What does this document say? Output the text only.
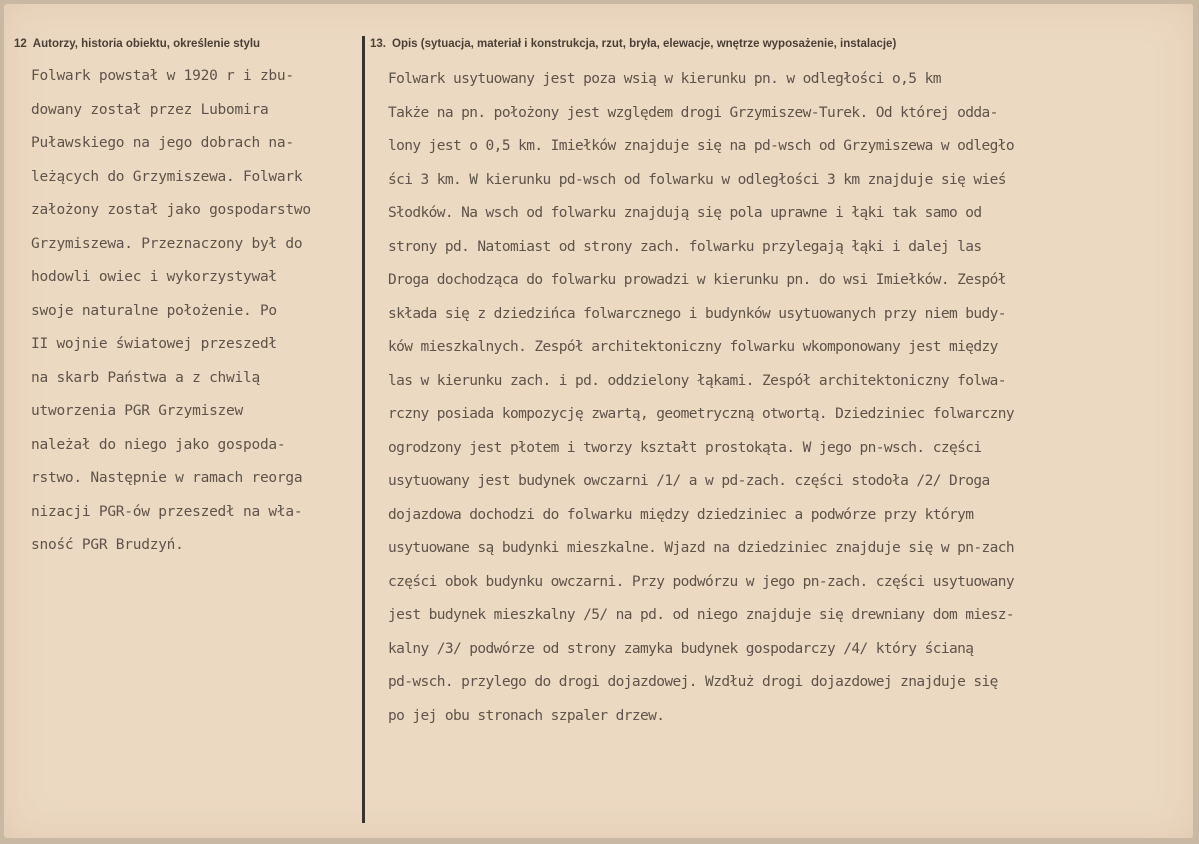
12 Autorzy, historia obiektu, określenie stylu	13. Opis (sytuacja, materiał i konstrukcja, rzut, bryła, elewacje, wnętrze wyposażenie, instalacje)
Folwark powstał w 1920 r i zbu-
dowany został przez Lubomira
Puławskiego na jego dobrach na-
leżących do Grzymiszewa. Folwark
założony został jako gospodarstwo
Grzymiszewa. Przeznaczony był do
hodowli owiec i wykorzystywał
swoje naturalne położenie. Po
II wojnie światowej przeszedł
na skarb Państwa a z chwilą
utworzenia PGR Grzymiszew
należał do niego jako gospoda-
rstwo. Następnie w ramach reorga
nizacji PGR-ów przeszedł na wła-
sność PGR Brudzyń.
Folwark usytuowany jest poza wsią w kierunku pn. w odległości o,5 km
Także na pn. położony jest względem drogi Grzymiszew-Turek. Od której odda-
lony jest o 0,5 km. Imiełków znajduje się na pd-wsch od Grzymiszewa w odległo
ści 3 km. W kierunku pd-wsch od folwarku w odległości 3 km znajduje się wieś
Słodków. Na wsch od folwarku znajdują się pola uprawne i łąki tak samo od
strony pd. Natomiast od strony zach. folwarku przylegają łąki i dalej las
Droga dochodząca do folwarku prowadzi w kierunku pn. do wsi Imiełków. Zespół
składa się z dziedzińca folwarcznego i budynków usytuowanych przy niem budy-
ków mieszkalnych. Zespół architektoniczny folwarku wkomponowany jest między
las w kierunku zach. i pd. oddzielony łąkami. Zespół architektoniczny folwa-
rczny posiada kompozycję zwartą, geometryczną otwortą. Dziedziniec folwarczny
ogrodzony jest płotem i tworzy kształt prostokąta. W jego pn-wsch. części
usytuowany jest budynek owczarni /1/ a w pd-zach. części stodoła /2/ Droga
dojazdowa dochodzi do folwarku między dziedziniec a podwórze przy którym
usytuowane są budynki mieszkalne. Wjazd na dziedziniec znajduje się w pn-zach
części obok budynku owczarni. Przy podwórzu w jego pn-zach. części usytuowany
jest budynek mieszkalny /5/ na pd. od niego znajduje się drewniany dom miesz-
kalny /3/ podwórze od strony zamyka budynek gospodarczy /4/ który ścianą
pd-wsch. przylego do drogi dojazdowej. Wzdłuż drogi dojazdowej znajduje się
po jej obu stronach szpaler drzew.
